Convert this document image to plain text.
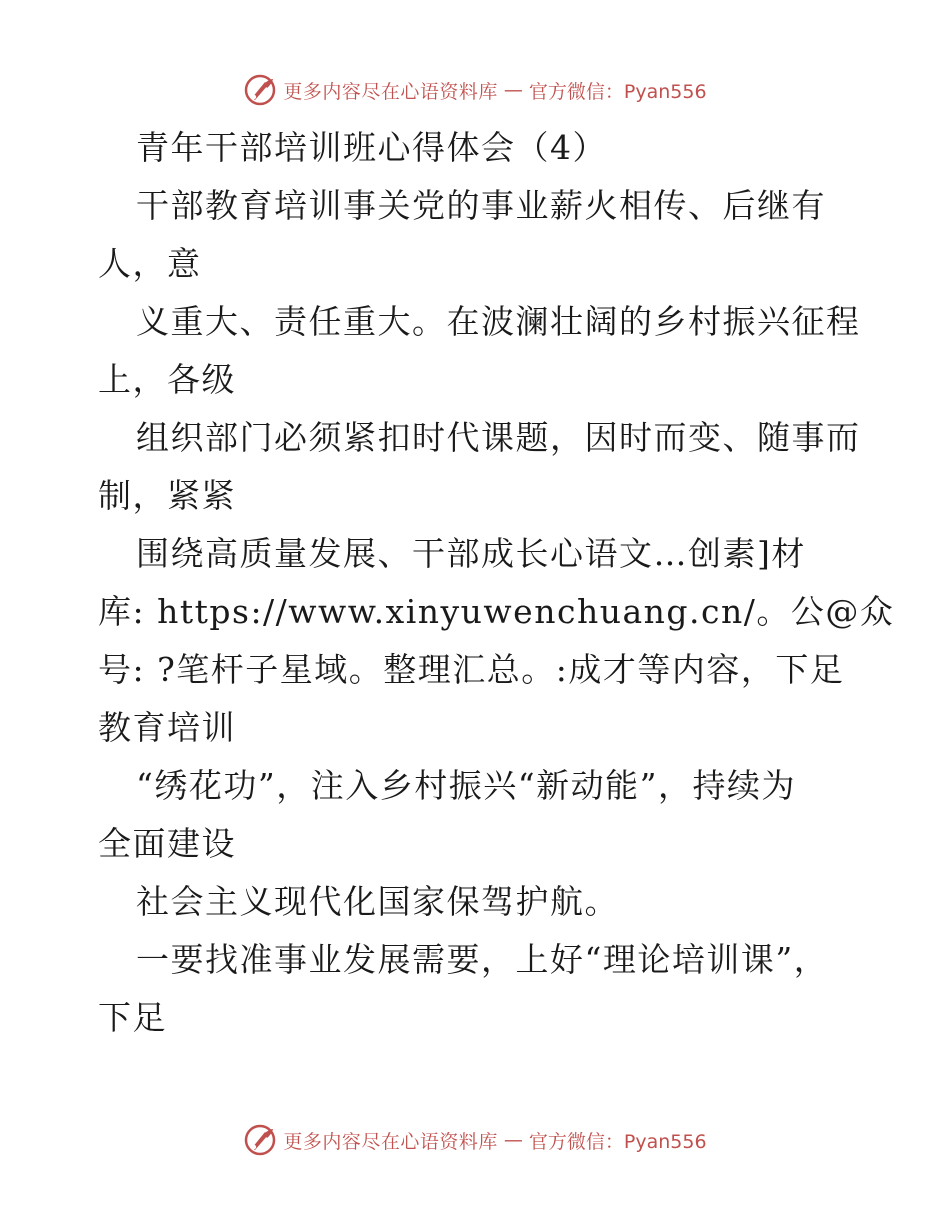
更多内容尽在心语资料库 — 官方微信：Pyan556
青年干部培训班心得体会（4）
干部教育培训事关党的事业薪火相传、后继有
人，意
义重大、责任重大。在波澜壮阔的乡村振兴征程
上，各级
组织部门必须紧扣时代课题，因时而变、随事而
制，紧紧
围绕高质量发展、干部成长心语文…创素]材
库: https://www.xinyuwenchuang.cn/。公@众
号: ?笔杆子星域。整理汇总。:成才等内容，下足
教育培训
“绣花功”，注入乡村振兴“新动能”，持续为
全面建设
社会主义现代化国家保驾护航。
一要找准事业发展需要，上好“理论培训课”，
下足
更多内容尽在心语资料库 — 官方微信：Pyan556
